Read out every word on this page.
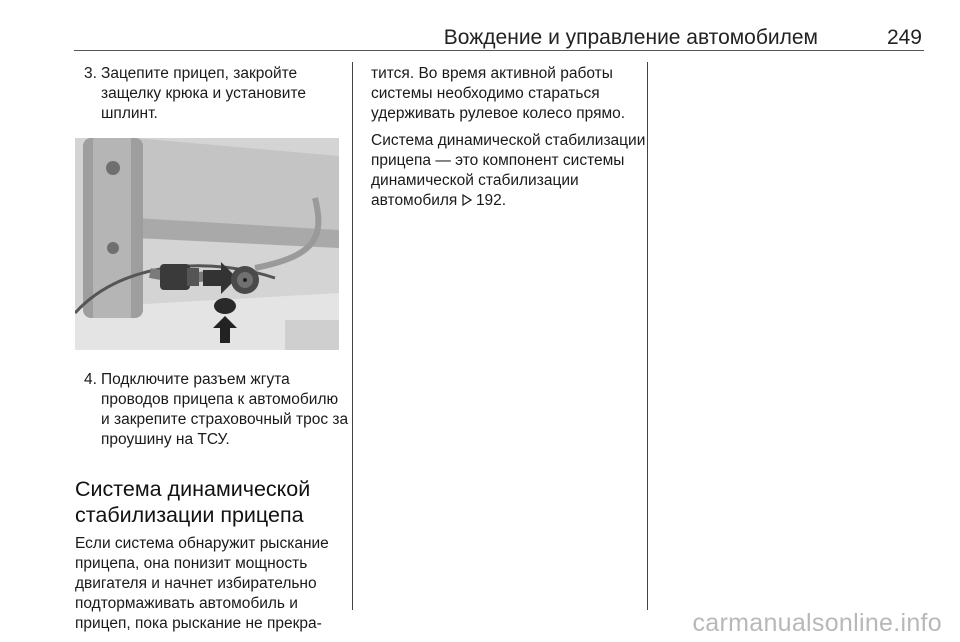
Вождение и управление автомобилем	249
3. Зацепите прицеп, закройте защелку крюка и установите шплинт.
4. Подключите разъем жгута проводов прицепа к автомобилю и закрепите страховочный трос за проушину на ТСУ.
Система динамической стабилизации прицепа

Если система обнаружит рыскание прицепа, она понизит мощность двигателя и начнет избирательно подтормаживать автомобиль и прицеп, пока рыскание не прекра-

тится. Во время активной работы системы необходимо стараться удерживать рулевое колесо прямо.

Система динамической стабилизации прицепа — это компонент системы динамической стабилизации автомобиля 192.

carmanualsonline.info
